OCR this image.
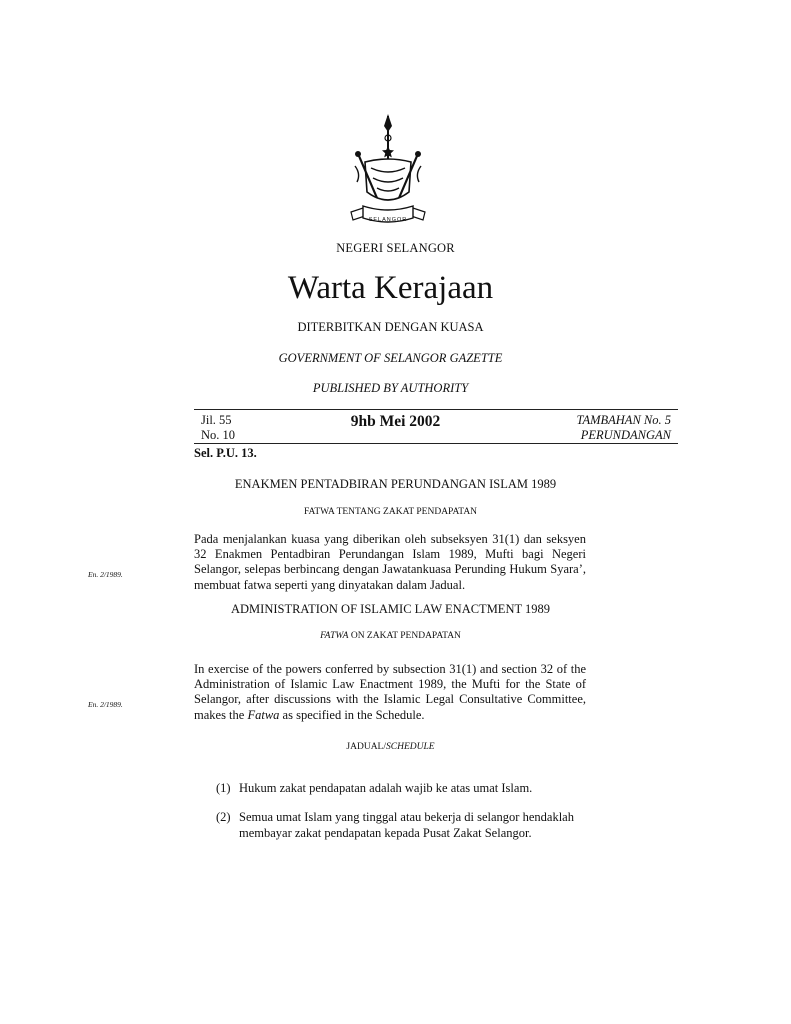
SELANGOR
NEGERI SELANGOR
Warta Kerajaan
DITERBITKAN DENGAN KUASA
GOVERNMENT OF SELANGOR GAZETTE
PUBLISHED BY AUTHORITY
Jil. 55
No. 10
9hb Mei 2002	TAMBAHAN No. 5
PERUNDANGAN
Sel. P.U. 13.
ENAKMEN PENTADBIRAN PERUNDANGAN ISLAM 1989
FATWA TENTANG ZAKAT PENDAPATAN
En. 2/1989.
Pada menjalankan kuasa yang diberikan oleh subseksyen 31(1) dan seksyen 32 Enakmen Pentadbiran Perundangan Islam 1989, Mufti bagi Negeri Selangor, selepas berbincang dengan Jawatankuasa Perunding Hukum Syara’, membuat fatwa seperti yang dinyatakan dalam Jadual.
ADMINISTRATION OF ISLAMIC LAW ENACTMENT 1989
FATWA ON ZAKAT PENDAPATAN
En. 2/1989.
In exercise of the powers conferred by subsection 31(1) and section 32 of the Administration of Islamic Law Enactment 1989, the Mufti for the State of Selangor, after discussions with the Islamic Legal Consultative Committee, makes the Fatwa as specified in the Schedule.
JADUAL/SCHEDULE
(1) Hukum zakat pendapatan adalah wajib ke atas umat Islam.
(2) Semua umat Islam yang tinggal atau bekerja di selangor hendaklah membayar zakat pendapatan kepada Pusat Zakat Selangor.
